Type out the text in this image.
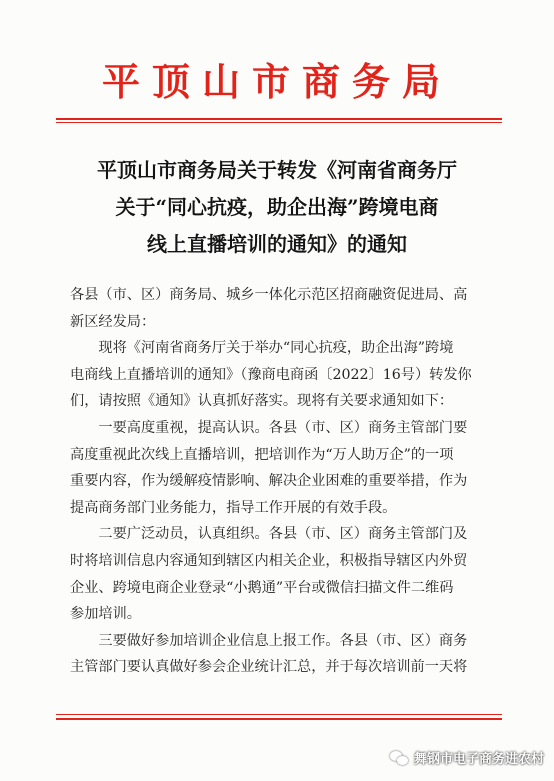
平顶山市商务局
平顶山市商务局关于转发《河南省商务厅
关于“同心抗疫，助企出海”跨境电商
线上直播培训的通知》的通知

各县（市、区）商务局、城乡一体化示范区招商融资促进局、高

新区经发局：

　　现将《河南省商务厅关于举办“同心抗疫，助企出海”跨境

电商线上直播培训的通知》（豫商电商函〔2022〕16号）转发你

们，请按照《通知》认真抓好落实。现将有关要求通知如下：

　　一要高度重视，提高认识。各县（市、区）商务主管部门要

高度重视此次线上直播培训，把培训作为“万人助万企”的一项

重要内容，作为缓解疫情影响、解决企业困难的重要举措，作为

提高商务部门业务能力，指导工作开展的有效手段。

　　二要广泛动员，认真组织。各县（市、区）商务主管部门及

时将培训信息内容通知到辖区内相关企业，积极指导辖区内外贸

企业、跨境电商企业登录“小鹅通”平台或微信扫描文件二维码

参加培训。

　　三要做好参加培训企业信息上报工作。各县（市、区）商务

主管部门要认真做好参会企业统计汇总，并于每次培训前一天将

舞钢市电子商务进农村
